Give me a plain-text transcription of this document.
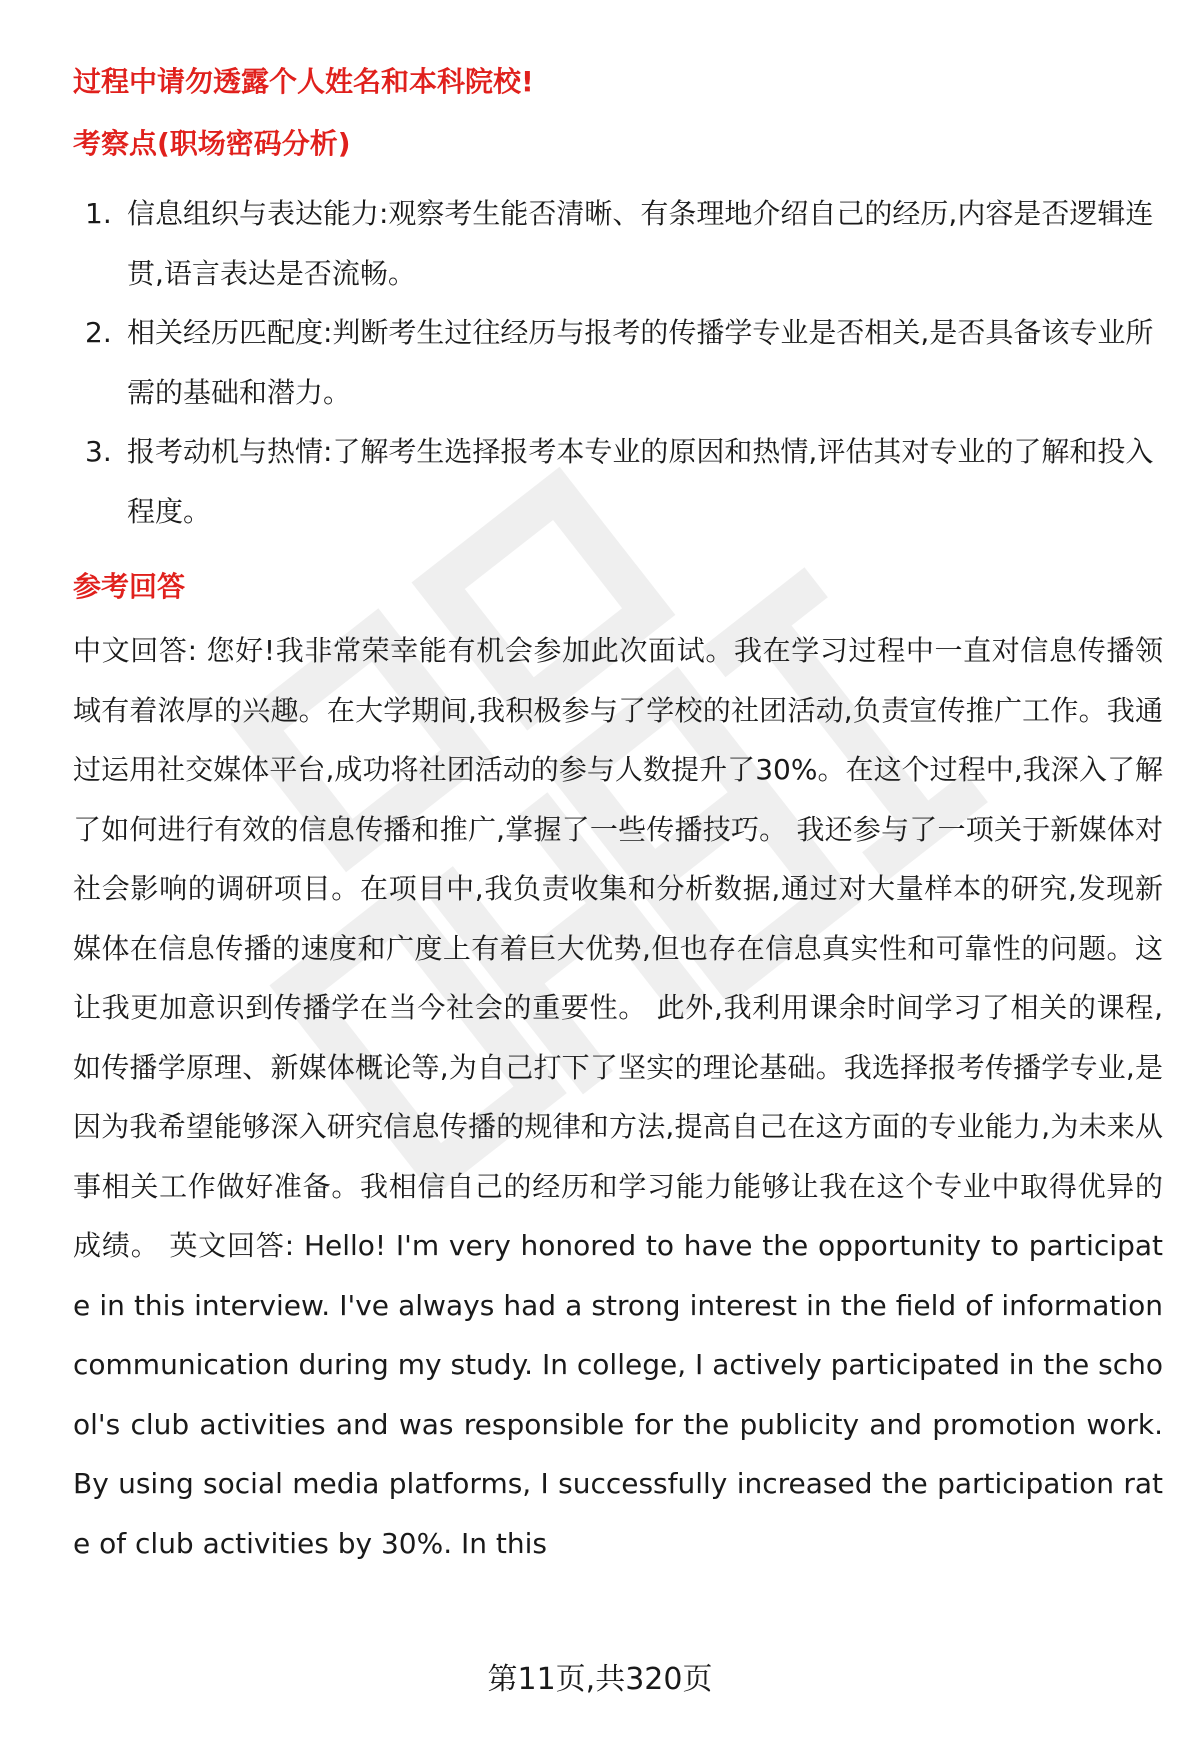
过程中请勿透露个人姓名和本科院校!
考察点(职场密码分析)
1. 信息组织与表达能力:观察考生能否清晰、有条理地介绍自己的经历,内容是否逻辑连贯,语言表达是否流畅。
2. 相关经历匹配度:判断考生过往经历与报考的传播学专业是否相关,是否具备该专业所需的基础和潜力。
3. 报考动机与热情:了解考生选择报考本专业的原因和热情,评估其对专业的了解和投入程度。
参考回答

中文回答: 您好!我非常荣幸能有机会参加此次面试。我在学习过程中一直对信息传播领域有着浓厚的兴趣。在大学期间,我积极参与了学校的社团活动,负责宣传推广工作。我通过运用社交媒体平台,成功将社团活动的参与人数提升了30%。在这个过程中,我深入了解了如何进行有效的信息传播和推广,掌握了一些传播技巧。 我还参与了一项关于新媒体对社会影响的调研项目。在项目中,我负责收集和分析数据,通过对大量样本的研究,发现新媒体在信息传播的速度和广度上有着巨大优势,但也存在信息真实性和可靠性的问题。这让我更加意识到传播学在当今社会的重要性。 此外,我利用课余时间学习了相关的课程,如传播学原理、新媒体概论等,为自己打下了坚实的理论基础。我选择报考传播学专业,是因为我希望能够深入研究信息传播的规律和方法,提高自己在这方面的专业能力,为未来从事相关工作做好准备。我相信自己的经历和学习能力能够让我在这个专业中取得优异的成绩。 英文回答: Hello! I'm very honored to have the opportunity to participate in this interview. I've always had a strong interest in the field of information communication during my study. In college, I actively participated in the school's club activities and was responsible for the publicity and promotion work. By using social media platforms, I successfully increased the participation rate of club activities by 30%. In this

第11页,共320页
